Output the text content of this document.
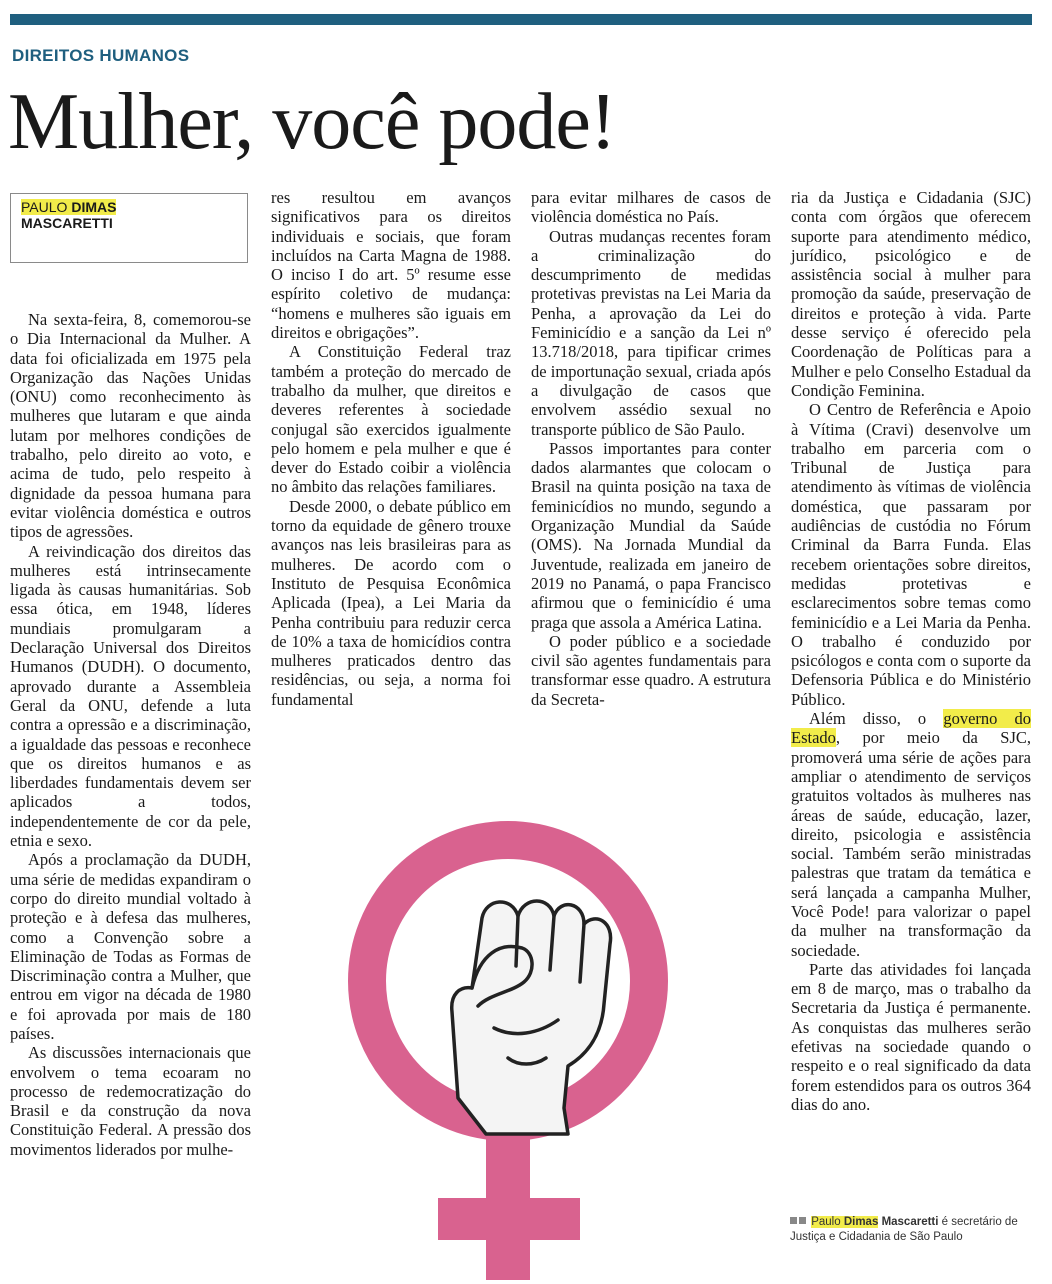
DIREITOS HUMANOS
Mulher, você pode!
PAULO DIMAS
MASCARETTI

Na sexta-feira, 8, comemorou-se o Dia Internacional da Mulher. A data foi oficializada em 1975 pela Organização das Nações Unidas (ONU) como reconhecimento às mulheres que lutaram e que ainda lutam por melhores condições de trabalho, pelo direito ao voto, e acima de tudo, pelo respeito à dignidade da pessoa humana para evitar violência doméstica e outros tipos de agressões.

A reivindicação dos direitos das mulheres está intrinsecamente ligada às causas humanitárias. Sob essa ótica, em 1948, líderes mundiais promulgaram a Declaração Universal dos Direitos Humanos (DUDH). O documento, aprovado durante a Assembleia Geral da ONU, defende a luta contra a opressão e a discriminação, a igualdade das pessoas e reconhece que os direitos humanos e as liberdades fundamentais devem ser aplicados a todos, independentemente de cor da pele, etnia e sexo.

Após a proclamação da DUDH, uma série de medidas expandiram o corpo do direito mundial voltado à proteção e à defesa das mulheres, como a Convenção sobre a Eliminação de Todas as Formas de Discriminação contra a Mulher, que entrou em vigor na década de 1980 e foi aprovada por mais de 180 países.

As discussões internacionais que envolvem o tema ecoaram no processo de redemocratização do Brasil e da construção da nova Constituição Federal. A pressão dos movimentos liderados por mulhe-

res resultou em avanços significativos para os direitos individuais e sociais, que foram incluídos na Carta Magna de 1988. O inciso I do art. 5º resume esse espírito coletivo de mudança: “homens e mulheres são iguais em direitos e obrigações”.

A Constituição Federal traz também a proteção do mercado de trabalho da mulher, que direitos e deveres referentes à sociedade conjugal são exercidos igualmente pelo homem e pela mulher e que é dever do Estado coibir a violência no âmbito das relações familiares.

Desde 2000, o debate público em torno da equidade de gênero trouxe avanços nas leis brasileiras para as mulheres. De acordo com o Instituto de Pesquisa Econômica Aplicada (Ipea), a Lei Maria da Penha contribuiu para reduzir cerca de 10% a taxa de homicídios contra mulheres praticados dentro das residências, ou seja, a norma foi fundamental

para evitar milhares de casos de violência doméstica no País.

Outras mudanças recentes foram a criminalização do descumprimento de medidas protetivas previstas na Lei Maria da Penha, a aprovação da Lei do Feminicídio e a sanção da Lei nº 13.718/2018, para tipificar crimes de importunação sexual, criada após a divulgação de casos que envolvem assédio sexual no transporte público de São Paulo.

Passos importantes para conter dados alarmantes que colocam o Brasil na quinta posição na taxa de feminicídios no mundo, segundo a Organização Mundial da Saúde (OMS). Na Jornada Mundial da Juventude, realizada em janeiro de 2019 no Panamá, o papa Francisco afirmou que o feminicídio é uma praga que assola a América Latina.

O poder público e a sociedade civil são agentes fundamentais para transformar esse quadro. A estrutura da Secreta-

ria da Justiça e Cidadania (SJC) conta com órgãos que oferecem suporte para atendimento médico, jurídico, psicológico e de assistência social à mulher para promoção da saúde, preservação de direitos e proteção à vida. Parte desse serviço é oferecido pela Coordenação de Políticas para a Mulher e pelo Conselho Estadual da Condição Feminina.

O Centro de Referência e Apoio à Vítima (Cravi) desenvolve um trabalho em parceria com o Tribunal de Justiça para atendimento às vítimas de violência doméstica, que passaram por audiências de custódia no Fórum Criminal da Barra Funda. Elas recebem orientações sobre direitos, medidas protetivas e esclarecimentos sobre temas como feminicídio e a Lei Maria da Penha. O trabalho é conduzido por psicólogos e conta com o suporte da Defensoria Pública e do Ministério Público.

Além disso, o governo do Estado, por meio da SJC, promoverá uma série de ações para ampliar o atendimento de serviços gratuitos voltados às mulheres nas áreas de saúde, educação, lazer, direito, psicologia e assistência social. Também serão ministradas palestras que tratam da temática e será lançada a campanha Mulher, Você Pode! para valorizar o papel da mulher na transformação da sociedade.

Parte das atividades foi lançada em 8 de março, mas o trabalho da Secretaria da Justiça é permanente. As conquistas das mulheres serão efetivas na sociedade quando o respeito e o real significado da data forem estendidos para os outros 364 dias do ano.

Paulo Dimas Mascaretti é secretário de Justiça e Cidadania de São Paulo
